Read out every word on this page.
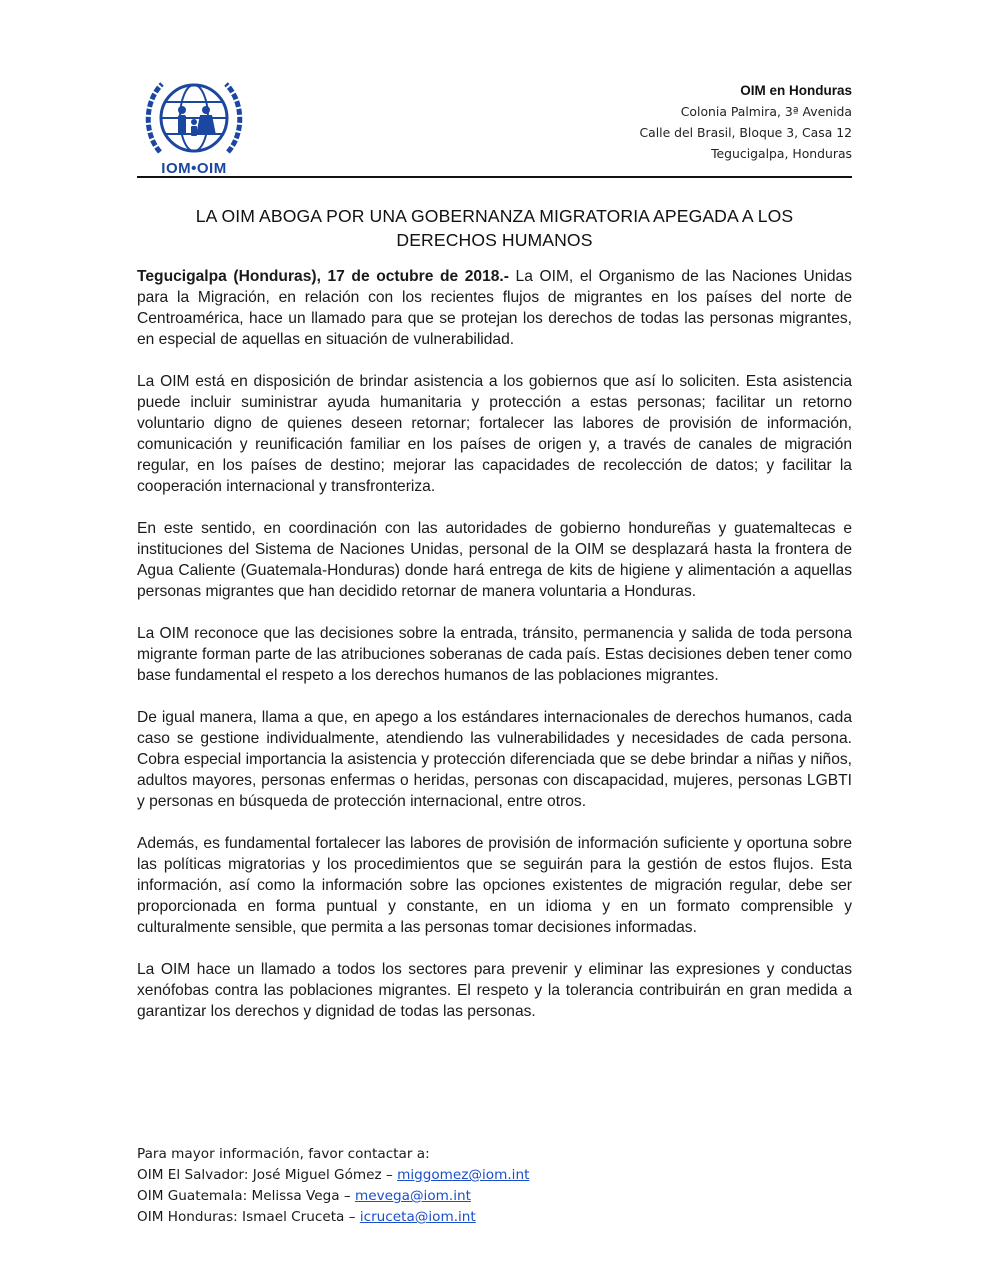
IOM•OIM
OIM en Honduras
Colonia Palmira, 3ª Avenida
Calle del Brasil, Bloque 3, Casa 12
Tegucigalpa, Honduras
LA OIM ABOGA POR UNA GOBERNANZA MIGRATORIA APEGADA A LOS
DERECHOS HUMANOS

Tegucigalpa (Honduras), 17 de octubre de 2018.- La OIM, el Organismo de las Naciones Unidas para la Migración, en relación con los recientes flujos de migrantes en los países del norte de Centroamérica, hace un llamado para que se protejan los derechos de todas las personas migrantes, en especial de aquellas en situación de vulnerabilidad.

La OIM está en disposición de brindar asistencia a los gobiernos que así lo soliciten. Esta asistencia puede incluir suministrar ayuda humanitaria y protección a estas personas; facilitar un retorno voluntario digno de quienes deseen retornar; fortalecer las labores de provisión de información, comunicación y reunificación familiar en los países de origen y, a través de canales de migración regular, en los países de destino; mejorar las capacidades de recolección de datos; y facilitar la cooperación internacional y transfronteriza.

En este sentido, en coordinación con las autoridades de gobierno hondureñas y guatemaltecas e instituciones del Sistema de Naciones Unidas, personal de la OIM se desplazará hasta la frontera de Agua Caliente (Guatemala-Honduras) donde hará entrega de kits de higiene y alimentación a aquellas personas migrantes que han decidido retornar de manera voluntaria a Honduras.

La OIM reconoce que las decisiones sobre la entrada, tránsito, permanencia y salida de toda persona migrante forman parte de las atribuciones soberanas de cada país. Estas decisiones deben tener como base fundamental el respeto a los derechos humanos de las poblaciones migrantes.

De igual manera, llama a que, en apego a los estándares internacionales de derechos humanos, cada caso se gestione individualmente, atendiendo las vulnerabilidades y necesidades de cada persona. Cobra especial importancia la asistencia y protección diferenciada que se debe brindar a niñas y niños, adultos mayores, personas enfermas o heridas, personas con discapacidad, mujeres, personas LGBTI y personas en búsqueda de protección internacional, entre otros.

Además, es fundamental fortalecer las labores de provisión de información suficiente y oportuna sobre las políticas migratorias y los procedimientos que se seguirán para la gestión de estos flujos. Esta información, así como la información sobre las opciones existentes de migración regular, debe ser proporcionada en forma puntual y constante, en un idioma y en un formato comprensible y culturalmente sensible, que permita a las personas tomar decisiones informadas.

La OIM hace un llamado a todos los sectores para prevenir y eliminar las expresiones y conductas xenófobas contra las poblaciones migrantes. El respeto y la tolerancia contribuirán en gran medida a garantizar los derechos y dignidad de todas las personas.

Para mayor información, favor contactar a:
OIM El Salvador: José Miguel Gómez – miggomez@iom.int
OIM Guatemala: Melissa Vega – mevega@iom.int
OIM Honduras: Ismael Cruceta – icruceta@iom.int
